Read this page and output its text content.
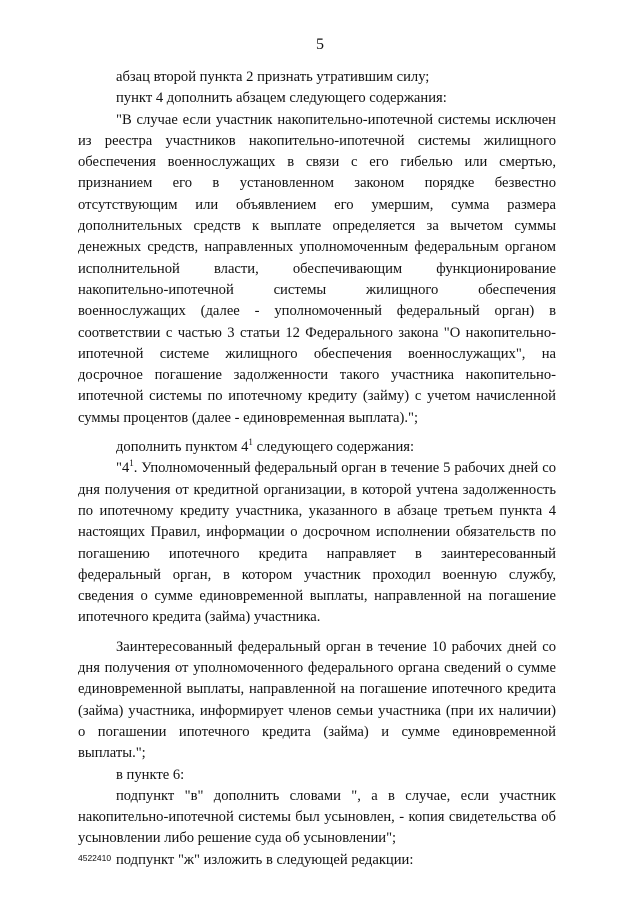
5

абзац второй пункта 2 признать утратившим силу;

пункт 4 дополнить абзацем следующего содержания:

"В случае если участник накопительно-ипотечной системы исключен из реестра участников накопительно-ипотечной системы жилищного обеспечения военнослужащих в связи с его гибелью или смертью, признанием его в установленном законом порядке безвестно отсутствующим или объявлением его умершим, сумма размера дополнительных средств к выплате определяется за вычетом суммы денежных средств, направленных уполномоченным федеральным органом исполнительной власти, обеспечивающим функционирование накопительно-ипотечной системы жилищного обеспечения военнослужащих (далее - уполномоченный федеральный орган) в соответствии с частью 3 статьи 12 Федерального закона "О накопительно-ипотечной системе жилищного обеспечения военнослужащих", на досрочное погашение задолженности такого участника накопительно-ипотечной системы по ипотечному кредиту (займу) с учетом начисленной суммы процентов (далее - единовременная выплата).";

дополнить пунктом $4^1$ следующего содержания:

"$4^1$. Уполномоченный федеральный орган в течение 5 рабочих дней со дня получения от кредитной организации, в которой учтена задолженность по ипотечному кредиту участника, указанного в абзаце третьем пункта 4 настоящих Правил, информации о досрочном исполнении обязательств по погашению ипотечного кредита направляет в заинтересованный федеральный орган, в котором участник проходил военную службу, сведения о сумме единовременной выплаты, направленной на погашение ипотечного кредита (займа) участника.

Заинтересованный федеральный орган в течение 10 рабочих дней со дня получения от уполномоченного федерального органа сведений о сумме единовременной выплаты, направленной на погашение ипотечного кредита (займа) участника, информирует членов семьи участника (при их наличии) о погашении ипотечного кредита (займа) и сумме единовременной выплаты.";

в пункте 6:

подпункт "в" дополнить словами ", а в случае, если участник накопительно-ипотечной системы был усыновлен, - копия свидетельства об усыновлении либо решение суда об усыновлении";

подпункт "ж" изложить в следующей редакции:

4522410
